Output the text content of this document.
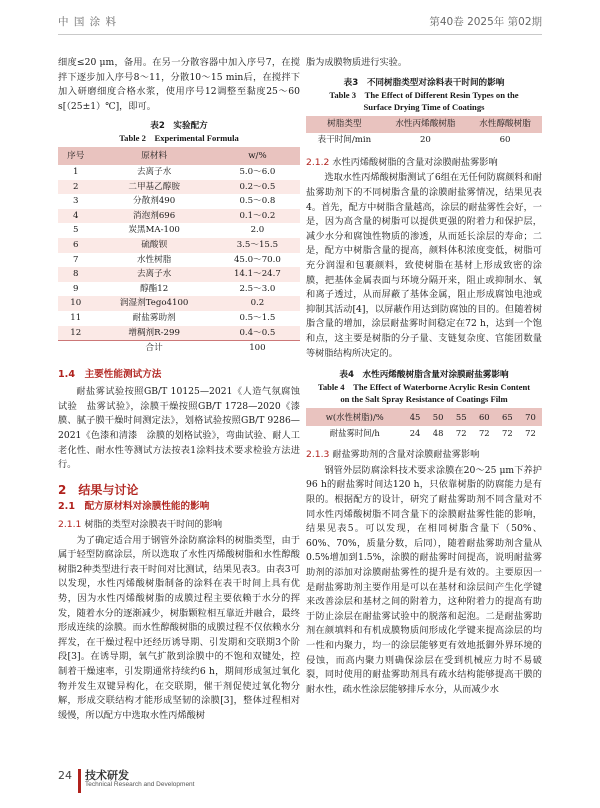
中 国 涂 料	第40卷 2025年 第02期

细度≤20 μm，备用。在另一分散容器中加入序号7，在搅拌下逐步加入序号8～11，分散10～15 min后，在搅拌下加入研磨细度合格水浆，使用序号12调整至黏度25～60 s[（25±1）℃]，即可。

表2　实验配方
Table 2　Experimental Formula
序号	原材料	w/%
1	去离子水	5.0～6.0
2	二甲基乙醇胺	0.2～0.5
3	分散剂490	0.5～0.8
4	消泡剂696	0.1～0.2
5	炭黑MA-100	2.0
6	硫酸钡	3.5～15.5
7	水性树脂	45.0～70.0
8	去离子水	14.1～24.7
9	醇酯12	2.5～3.0
10	润湿剂Tego4100	0.2
11	耐盐雾助剂	0.5～1.5
12	增稠剂R-299	0.4～0.5
	合计	100
1.4　主要性能测试方法

耐盐雾试验按照GB/T 10125—2021《人造气氛腐蚀试验　盐雾试验》，涂膜干燥按照GB/T 1728—2020《漆膜、腻子膜干燥时间测定法》，划格试验按照GB/T 9286—2021《色漆和清漆　涂膜的划格试验》，弯曲试验、耐人工老化性、耐水性等测试方法按表1涂料技术要求检验方法进行。

2　结果与讨论
2.1　配方原材料对涂膜性能的影响
2.1.1 树脂的类型对涂膜表干时间的影响

为了确定适合用于钢管外涂防腐涂料的树脂类型，由于属于轻型防腐涂层，所以选取了水性丙烯酸树脂和水性醇酸树脂2种类型进行表干时间对比测试，结果见表3。由表3可以发现，水性丙烯酸树脂制备的涂料在表干时间上具有优势，因为水性丙烯酸树脂的成膜过程主要依赖于水分的挥发，随着水分的逐渐减少，树脂颗粒相互靠近并融合，最终形成连续的涂膜。而水性醇酸树脂的成膜过程不仅依赖水分挥发，在干燥过程中还经历诱导期、引发期和交联期3个阶段[3]。在诱导期，氧气扩散到涂膜中的不饱和双键处，控制着干燥速率，引发期通常持续约6 h，期间形成氢过氧化物并发生双键异构化，在交联期，催干剂促使过氧化物分解，形成交联结构才能形成坚韧的涂膜[3]，整体过程相对缓慢，所以配方中选取水性丙烯酸树

脂为成膜物质进行实验。

表3　不同树脂类型对涂料表干时间的影响
Table 3　The Effect of Different Resin Types on the
Surface Drying Time of Coatings
树脂类型	水性丙烯酸树脂	水性醇酸树脂
表干时间/min	20	60
2.1.2 水性丙烯酸树脂的含量对涂膜耐盐雾影响

选取水性丙烯酸树脂测试了6组在无任何防腐颜料和耐盐雾助剂下的不同树脂含量的涂膜耐盐雾情况，结果见表4。首先，配方中树脂含量越高，涂层的耐盐雾性会好，一是，因为高含量的树脂可以提供更强的附着力和保护层，减少水分和腐蚀性物质的渗透，从而延长涂层的寿命；二是，配方中树脂含量的提高，颜料体积浓度变低，树脂可充分润湿和包裹颜料，致使树脂在基材上形成致密的涂膜，把基体金属表面与环境分隔开来，阻止或抑制水、氧和离子透过，从而屏蔽了基体金属，阻止形成腐蚀电池或抑制其活动[4]，以屏蔽作用达到防腐蚀的目的。但随着树脂含量的增加，涂层耐盐雾时间稳定在72 h，达到一个饱和点，这主要是树脂的分子量、支链复杂度、官能团数量等树脂结构所决定的。

表4　水性丙烯酸树脂含量对涂膜耐盐雾影响
Table 4　The Effect of Waterborne Acrylic Resin Content
on the Salt Spray Resistance of Coatings Film
w(水性树脂)/%	45	50	55	60	65	70
耐盐雾时间/h	24	48	72	72	72	72
2.1.3 耐盐雾助剂的含量对涂膜耐盐雾影响

钢管外层防腐涂料技术要求涂膜在20～25 μm下养护96 h的耐盐雾时间达120 h，只依靠树脂的防腐能力是有限的。根据配方的设计，研究了耐盐雾助剂不同含量对不同水性丙烯酸树脂不同含量下的涂膜耐盐雾性能的影响，结果见表5。可以发现，在相同树脂含量下（50%、60%、70%，质量分数，后同），随着耐盐雾助剂含量从0.5%增加到1.5%，涂膜的耐盐雾时间提高，说明耐盐雾助剂的添加对涂膜耐盐雾性的提升是有效的。主要原因一是耐盐雾助剂主要作用是可以在基材和涂层间产生化学键来改善涂层和基材之间的附着力，这种附着力的提高有助于防止涂层在耐盐雾试验中的脱落和起泡。二是耐盐雾助剂在颜填料和有机成膜物质间形成化学键来提高涂层的均一性和内聚力，均一的涂层能够更有效地抵御外界环境的侵蚀，而高内聚力则确保涂层在受到机械应力时不易破裂，同时使用的耐盐雾助剂具有疏水结构能够提高干膜的耐水性，疏水性涂层能够排斥水分，从而减少水

24 技术研发
Technical Research and Development
